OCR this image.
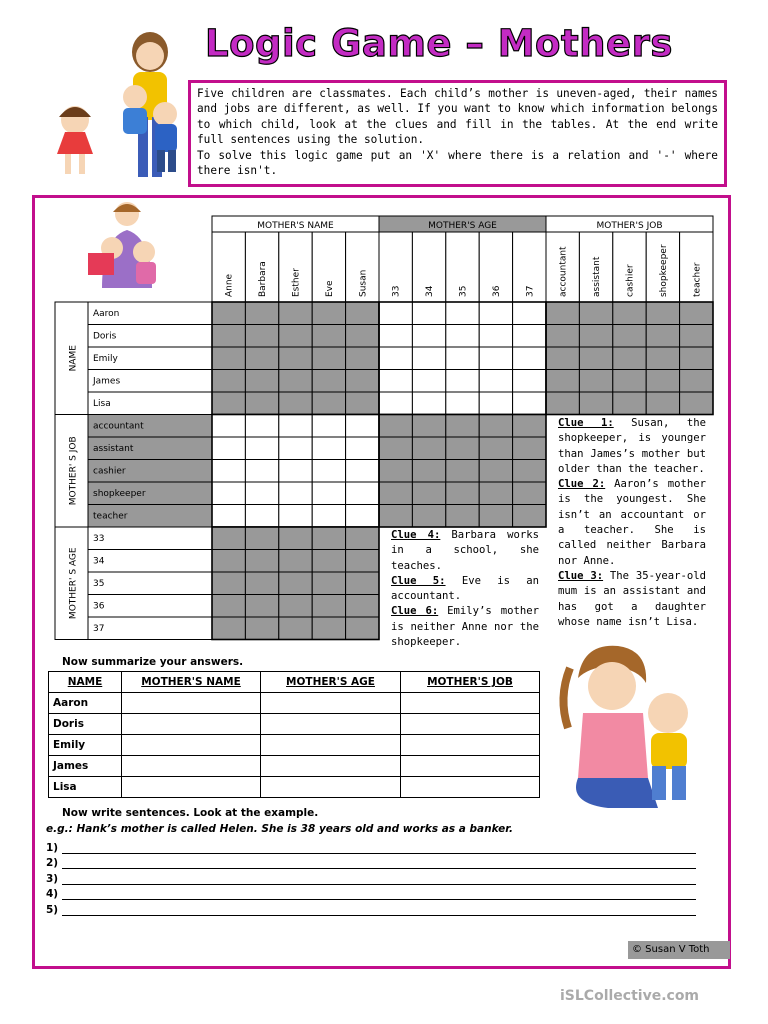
Logic Game – Mothers

Five children are classmates. Each child’s mother is uneven-aged, their names and jobs are different, as well. If you want to know which information belongs to which child, look at the clues and fill in the tables. At the end write full sentences using the solution.

To solve this logic game put an 'X' where there is a relation and '-' where there isn't.

MOTHER'S NAME
Anne	Barbara	Esther	Eve	Susan
MOTHER'S AGE
33	34	35	36	37
MOTHER'S JOB
accountant	assistant	cashier	shopkeeper	teacher
NAME
Aaron
Doris
Emily
James
Lisa
MOTHER' S JOB
accountant
assistant
cashier
shopkeeper
teacher
MOTHER' S AGE
33
34
35
36
37

Clue 1: Susan, the shopkeeper, is younger than James’s mother but older than the teacher.

Clue 2: Aaron’s mother is the youngest. She isn’t an accountant or a teacher. She is called neither Barbara nor Anne.

Clue 3: The 35-year-old mum is an assistant and has got a daughter whose name isn’t Lisa.

Clue 4: Barbara works in a school, she teaches.

Clue 5: Eve is an accountant.

Clue 6: Emily’s mother is neither Anne nor the shopkeeper.

Now summarize your answers.
NAME	MOTHER'S NAME	MOTHER'S AGE	MOTHER'S JOB
Aaron			
Doris			
Emily			
James			
Lisa			
Now write sentences. Look at the example.
e.g.: Hank’s mother is called Helen. She is 38 years old and works as a banker.
1)
2)
3)
4)
5)
© Susan V Toth
iSLCollective.com
